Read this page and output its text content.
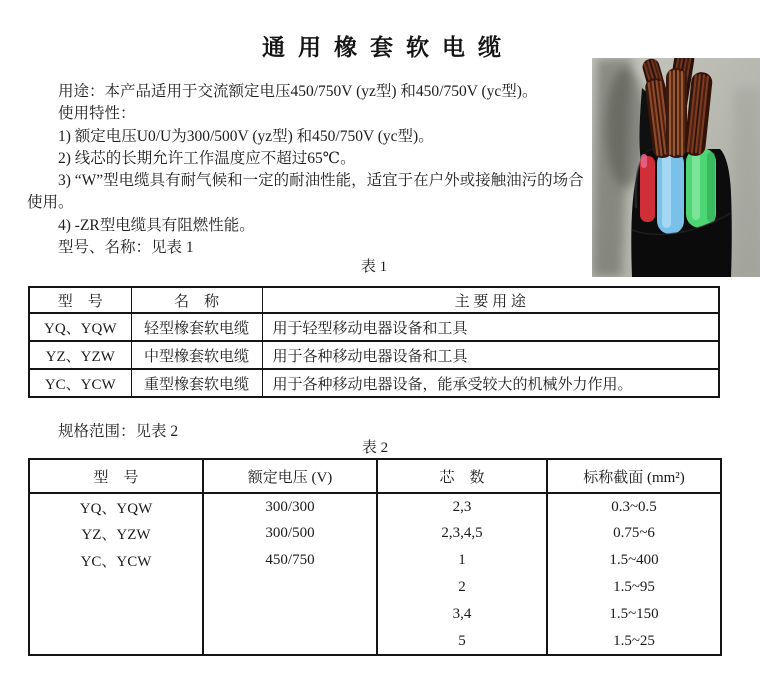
通用橡套软电缆
用途：本产品适用于交流额定电压450/750V (yz型) 和450/750V (yc型)。
使用特性：
1) 额定电压U0/U为300/500V (yz型) 和450/750V (yc型)。
2) 线芯的长期允许工作温度应不超过65℃。
3) “W”型电缆具有耐气候和一定的耐油性能，适宜于在户外或接触油污的场合
使用。
4) -ZR型电缆具有阻燃性能。
型号、名称：见表 1
表 1
型　号	名　称	主 要 用 途
YQ、YQW	轻型橡套软电缆	用于轻型移动电器设备和工具
YZ、YZW	中型橡套软电缆	用于各种移动电器设备和工具
YC、YCW	重型橡套软电缆	用于各种移动电器设备，能承受较大的机械外力作用。
规格范围：见表 2
表 2
型　号	额定电压 (V)	芯　数	标称截面 (mm²)
YQ、YQW	300/300	2,3	0.3~0.5
YZ、YZW	300/500	2,3,4,5	0.75~6
YC、YCW	450/750	1	1.5~400
		2	1.5~95
		3,4	1.5~150
		5	1.5~25
